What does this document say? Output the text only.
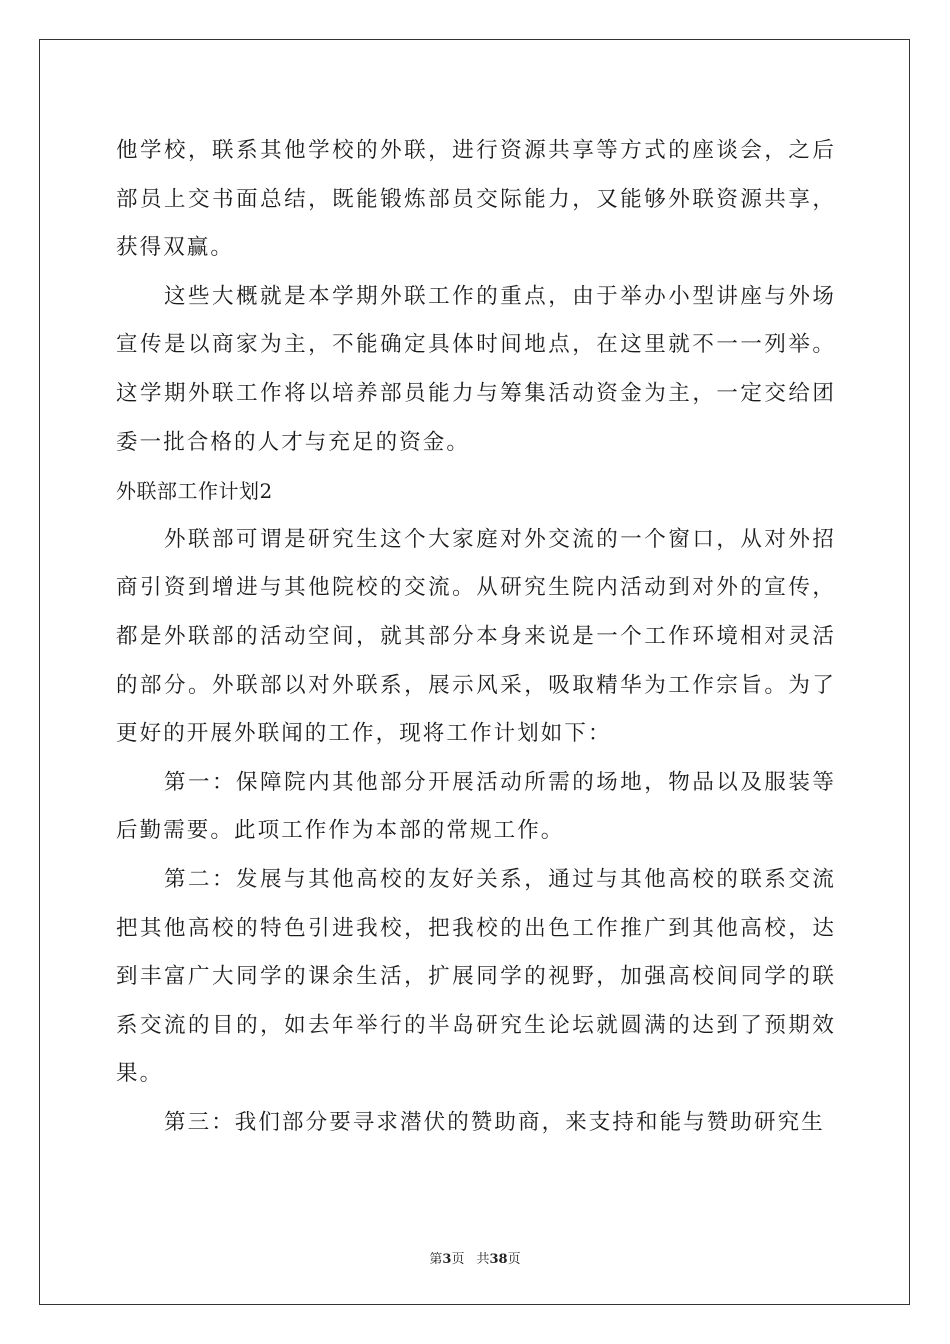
他学校，联系其他学校的外联，进行资源共享等方式的座谈会，之后部员上交书面总结，既能锻炼部员交际能力，又能够外联资源共享，获得双赢。

这些大概就是本学期外联工作的重点，由于举办小型讲座与外场宣传是以商家为主，不能确定具体时间地点，在这里就不一一列举。这学期外联工作将以培养部员能力与筹集活动资金为主，一定交给团委一批合格的人才与充足的资金。

外联部工作计划2

外联部可谓是研究生这个大家庭对外交流的一个窗口，从对外招商引资到增进与其他院校的交流。从研究生院内活动到对外的宣传，都是外联部的活动空间，就其部分本身来说是一个工作环境相对灵活的部分。外联部以对外联系，展示风采，吸取精华为工作宗旨。为了更好的开展外联闻的工作，现将工作计划如下：

第一：保障院内其他部分开展活动所需的场地，物品以及服装等后勤需要。此项工作作为本部的常规工作。

第二：发展与其他高校的友好关系，通过与其他高校的联系交流把其他高校的特色引进我校，把我校的出色工作推广到其他高校，达到丰富广大同学的课余生活，扩展同学的视野，加强高校间同学的联系交流的目的，如去年举行的半岛研究生论坛就圆满的达到了预期效果。

第三：我们部分要寻求潜伏的赞助商，来支持和能与赞助研究生

第3页 共38页
